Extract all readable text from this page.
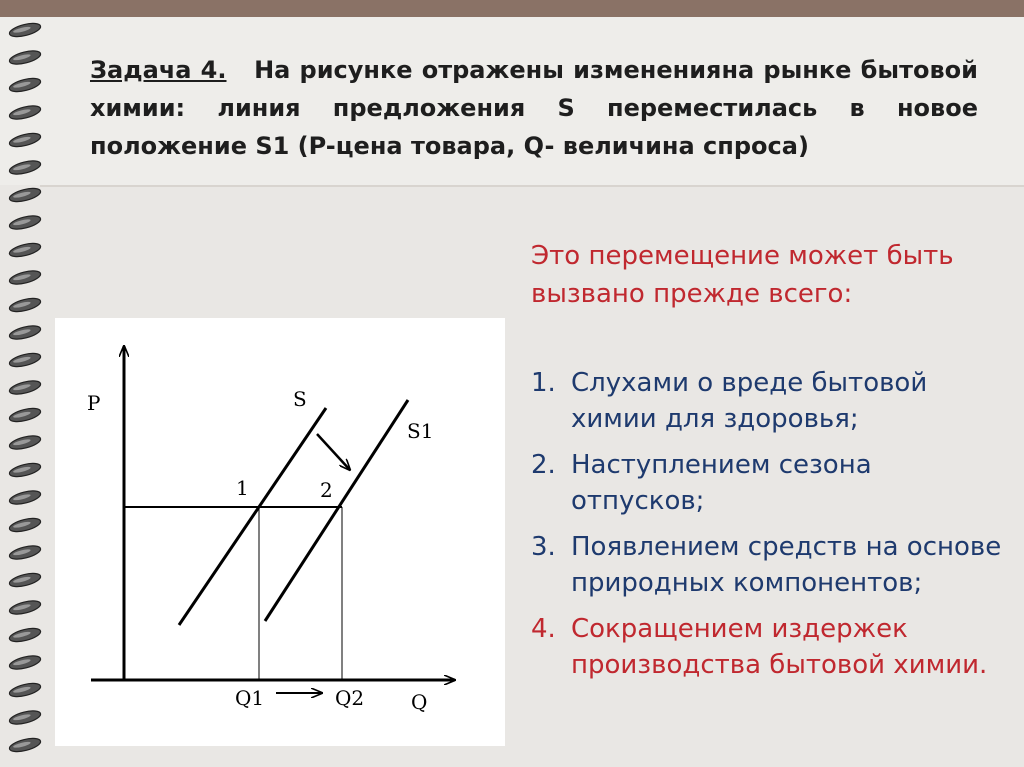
Задача 4. На рисунке отражены измененияна рынке бытовой химии: линия предложения S переместилась в новое положение S1 (P-цена товара, Q- величина спроса)

Это перемещение может быть вызвано прежде всего:

1. Слухами о вреде бытовой химии для здоровья;
2. Наступлением сезона отпусков;
3. Появлением средств на основе природных компонентов;
4. Сокращением издержек производства бытовой химии.
P
Q
S
S1
1	2
Q1	Q2
